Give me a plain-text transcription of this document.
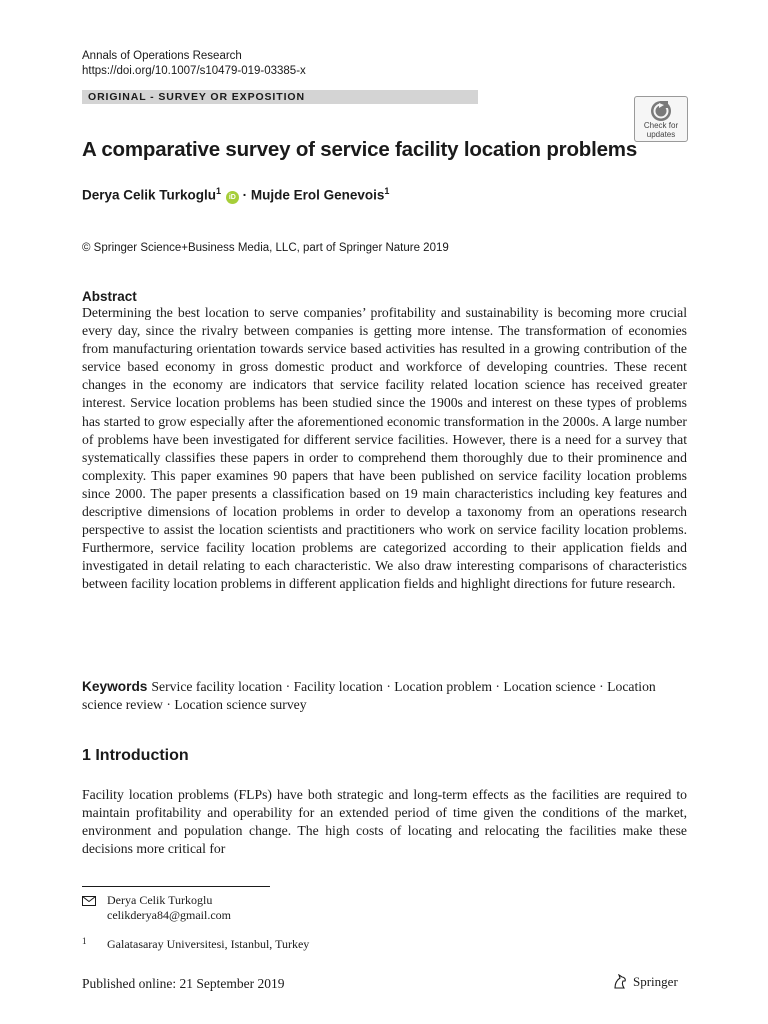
Annals of Operations Research
https://doi.org/10.1007/s10479-019-03385-x
ORIGINAL - SURVEY OR EXPOSITION
Check for
updates
A comparative survey of service facility location problems
Derya Celik Turkoglu$^1$ iD · Mujde Erol Genevois$^1$
© Springer Science+Business Media, LLC, part of Springer Nature 2019
Abstract

Determining the best location to serve companies’ profitability and sustainability is becoming more crucial every day, since the rivalry between companies is getting more intense. The transformation of economies from manufacturing orientation towards service based activities has resulted in a growing contribution of the service based economy in gross domestic product and workforce of developing countries. These recent changes in the economy are indicators that service facility related location science has received greater interest. Service location problems has been studied since the 1900s and interest on these types of problems has started to grow especially after the aforementioned economic transformation in the 2000s. A large number of problems have been investigated for different service facilities. However, there is a need for a survey that systematically classifies these papers in order to comprehend them thoroughly due to their prominence and complexity. This paper examines 90 papers that have been published on service facility location problems since 2000. The paper presents a classification based on 19 main characteristics including key features and descriptive dimensions of location problems in order to develop a taxonomy from an operations research perspective to assist the location scientists and practitioners who work on service facility location problems. Furthermore, service facility location problems are categorized according to their application fields and investigated in detail relating to each characteristic. We also draw interesting comparisons of characteristics between facility location problems in different application fields and highlight directions for future research.

Keywords Service facility location · Facility location · Location problem · Location science · Location science review · Location science survey
1 Introduction

Facility location problems (FLPs) have both strategic and long-term effects as the facilities are required to maintain profitability and operability for an extended period of time given the conditions of the market, environment and population change. The high costs of locating and relocating the facilities make these decisions more critical for

Derya Celik Turkoglu
celikderya84@gmail.com
1 Galatasaray Universitesi, Istanbul, Turkey
Published online: 21 September 2019	Springer
